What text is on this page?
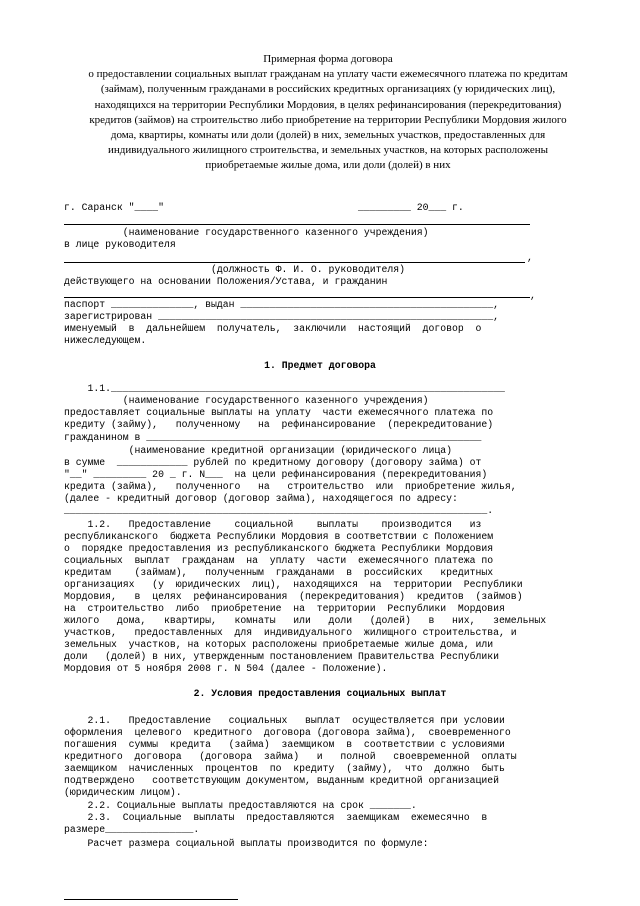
Примерная форма договора
о предоставлении социальных выплат гражданам на уплату части ежемесячного платежа по кредитам
(займам), полученным гражданами в российских кредитных организациях (у юридических лиц),
находящихся на территории Республики Мордовия, в целях рефинансирования (перекредитования)
кредитов (займов) на строительство либо приобретение на территории Республики Мордовия жилого
дома, квартиры, комнаты или доли (долей) в них, земельных участков, предоставленных для
индивидуального жилищного строительства, и земельных участков, на которых расположены
приобретаемые жилые дома, или доли (долей) в них
г. Саранск "____"                                 _________ 20___ г.
(наименование государственного казенного учреждения)
в лице руководителя
,
(должность Ф. И. О. руководителя)
действующего на основании Положения/Устава, и гражданин
,
паспорт ______________, выдан ___________________________________________,
зарегистрирован _________________________________________________________,
именуемый  в  дальнейшем  получатель,  заключили  настоящий  договор  о
нижеследующем.
1. Предмет договора
1.1.___________________________________________________________________
(наименование государственного казенного учреждения)
предоставляет социальные выплаты на уплату  части ежемесячного платежа по
кредиту (займу),   полученному   на  рефинансирование  (перекредитование)
гражданином в _________________________________________________________
(наименование кредитной организации (юридического лица)
в сумме  ____________ рублей по кредитному договору (договору займа) от
"__" _________ 20 _ г. N___  на цели рефинансирования (перекредитования)
кредита (займа),   полученного   на   строительство  или  приобретение жилья,
(далее - кредитный договор (договор займа), находящегося по адресу:
________________________________________________________________________.
1.2.   Предоставление    социальной    выплаты    производится   из
республиканского  бюджета Республики Мордовия в соответствии с Положением
о  порядке предоставления из республиканского бюджета Республики Мордовия
социальных  выплат  гражданам  на  уплату  части  ежемесячного платежа по
кредитам    (займам),   полученным  гражданами  в  российских   кредитных
организациях   (у  юридических  лиц),  находящихся  на  территории  Республики
Мордовия,   в  целях  рефинансирования  (перекредитования)  кредитов  (займов)
на  строительство  либо  приобретение  на  территории  Республики  Мордовия
жилого   дома,   квартиры,   комнаты   или   доли   (долей)   в   них,   земельных
участков,   предоставленных  для  индивидуального  жилищного строительства, и
земельных  участков, на которых расположены приобретаемые жилые дома, или
доли   (долей) в них, утвержденным постановлением Правительства Республики
Мордовия от 5 ноября 2008 г. N 504 (далее - Положение).
2. Условия предоставления социальных выплат
2.1.   Предоставление   социальных   выплат  осуществляется при условии
оформления  целевого  кредитного  договора (договора займа),  своевременного
погашения  суммы  кредита   (займа)  заемщиком  в  соответствии с условиями
кредитного  договора   (договора  займа)   и   полной   своевременной  оплаты
заемщиком  начисленных  процентов  по  кредиту  (займу),  что  должно  быть
подтверждено   соответствующим документом, выданным кредитной организацией
(юридическим лицом).
2.2. Социальные выплаты предоставляются на срок _______.
2.3.  Социальные  выплаты  предоставляются  заемщикам  ежемесячно  в
размере_______________.
Расчет размера социальной выплаты производится по формуле:
